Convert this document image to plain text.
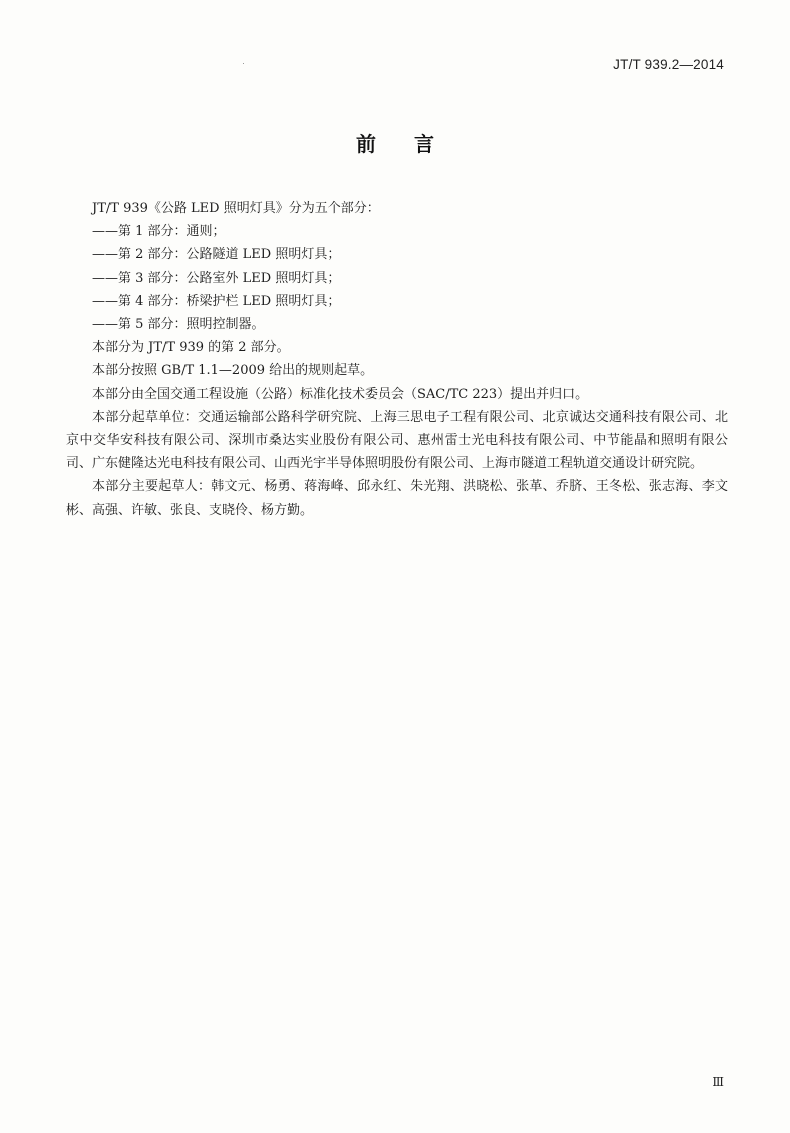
JT/T 939.2—2014
前言

JT/T 939《公路 LED 照明灯具》分为五个部分：

——第 1 部分：通则；

——第 2 部分：公路隧道 LED 照明灯具；

——第 3 部分：公路室外 LED 照明灯具；

——第 4 部分：桥梁护栏 LED 照明灯具；

——第 5 部分：照明控制器。

本部分为 JT/T 939 的第 2 部分。

本部分按照 GB/T 1.1—2009 给出的规则起草。

本部分由全国交通工程设施（公路）标准化技术委员会（SAC/TC 223）提出并归口。

本部分起草单位：交通运输部公路科学研究院、上海三思电子工程有限公司、北京诚达交通科技有限公司、北京中交华安科技有限公司、深圳市桑达实业股份有限公司、惠州雷士光电科技有限公司、中节能晶和照明有限公司、广东健隆达光电科技有限公司、山西光宇半导体照明股份有限公司、上海市隧道工程轨道交通设计研究院。

本部分主要起草人：韩文元、杨勇、蒋海峰、邱永红、朱光翔、洪晓松、张革、乔脐、王冬松、张志海、李文彬、高强、许敏、张良、支晓伶、杨方勤。

Ⅲ
